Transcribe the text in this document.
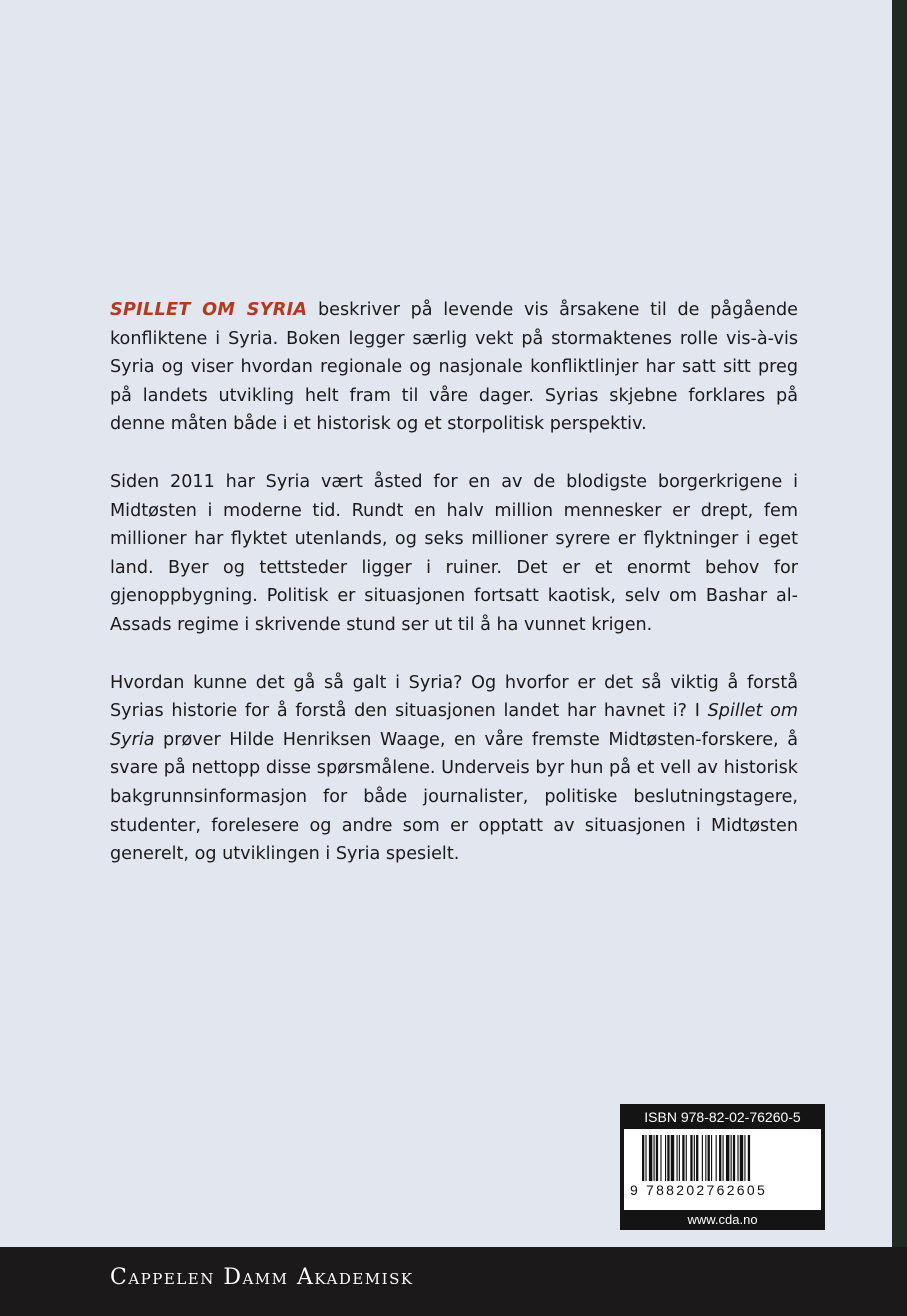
SPILLET OM SYRIA beskriver på levende vis årsakene til de pågående konfliktene i Syria. Boken legger særlig vekt på stormaktenes rolle vis-à-vis Syria og viser hvordan regionale og nasjonale konfliktlinjer har satt sitt preg på landets utvikling helt fram til våre dager. Syrias skjebne forklares på denne måten både i et historisk og et storpolitisk perspektiv.

Siden 2011 har Syria vært åsted for en av de blodigste borgerkrigene i Midtøsten i moderne tid. Rundt en halv million mennesker er drept, fem millioner har flyktet utenlands, og seks millioner syrere er flyktninger i eget land. Byer og tettsteder ligger i ruiner. Det er et enormt behov for gjenoppbygning. Politisk er situasjonen fortsatt kaotisk, selv om Bashar al-Assads regime i skrivende stund ser ut til å ha vunnet krigen.

Hvordan kunne det gå så galt i Syria? Og hvorfor er det så viktig å forstå Syrias historie for å forstå den situasjonen landet har havnet i? I Spillet om Syria prøver Hilde Henriksen Waage, en våre fremste Midtøsten-forskere, å svare på nettopp disse spørsmålene. Underveis byr hun på et vell av historisk bakgrunnsinformasjon for både journalister, politiske beslutningstagere, studenter, forelesere og andre som er opptatt av situasjonen i Midtøsten generelt, og utviklingen i Syria spesielt.

ISBN 978-82-02-76260-5
9 788202762605
www.cda.no
Cappelen Damm Akademisk
